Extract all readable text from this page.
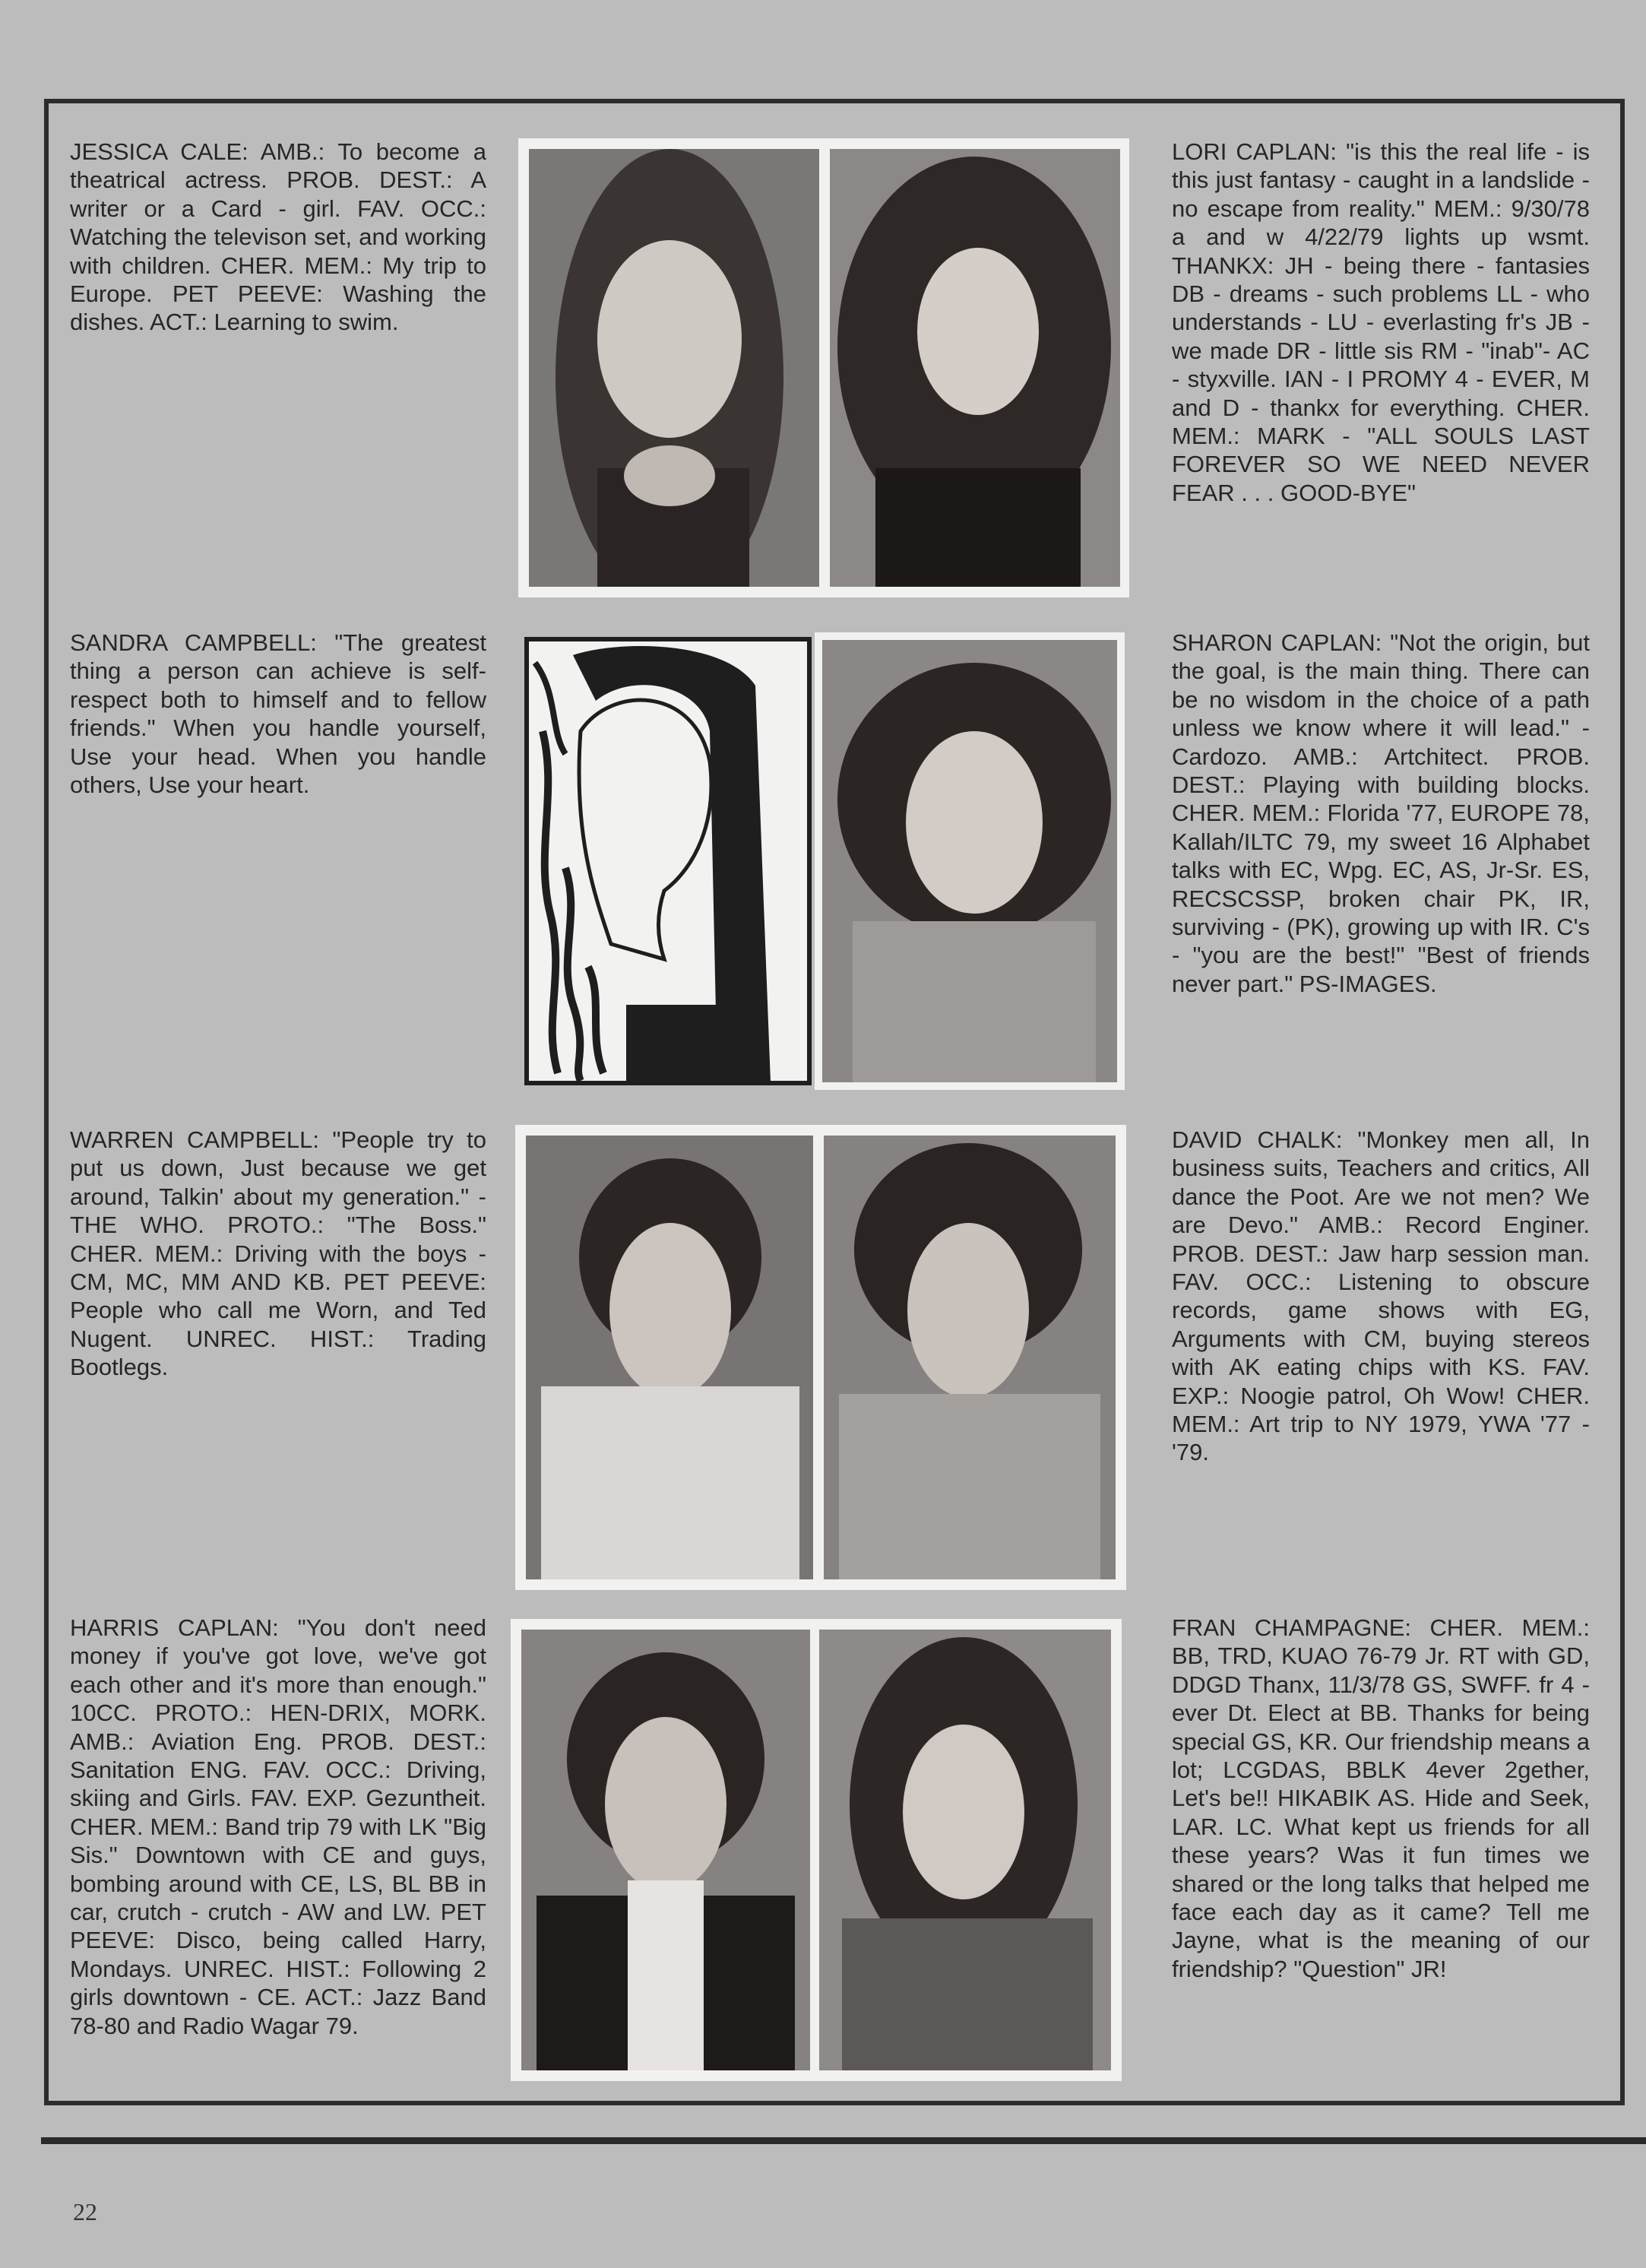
JESSICA CALE: AMB.: To become a theatrical actress. PROB. DEST.: A writer or a Card - girl. FAV. OCC.: Watching the televison set, and working with children. CHER. MEM.: My trip to Europe. PET PEEVE: Washing the dishes. ACT.: Learning to swim.

LORI CAPLAN: "is this the real life - is this just fantasy - caught in a landslide - no escape from reality." MEM.: 9/30/78 a and w 4/22/79 lights up wsmt. THANKX: JH - being there - fantasies DB - dreams - such problems LL - who understands - LU - everlasting fr's JB - we made DR - little sis RM - "inab"- AC - styxville. IAN - I PROMY 4 - EVER, M and D - thankx for everything. CHER. MEM.: MARK - "ALL SOULS LAST FOREVER SO WE NEED NEVER FEAR . . . GOOD-BYE"

SANDRA CAMPBELL: "The greatest thing a person can achieve is self-respect both to himself and to fellow friends." When you handle yourself, Use your head. When you handle others, Use your heart.

SHARON CAPLAN: "Not the origin, but the goal, is the main thing. There can be no wisdom in the choice of a path unless we know where it will lead." - Cardozo. AMB.: Artchitect. PROB. DEST.: Playing with building blocks. CHER. MEM.: Florida '77, EUROPE 78, Kallah/ILTC 79, my sweet 16 Alphabet talks with EC, Wpg. EC, AS, Jr-Sr. ES, RECSCSSP, broken chair PK, IR, surviving - (PK), growing up with IR. C's - "you are the best!" "Best of friends never part." PS-IMAGES.

WARREN CAMPBELL: "People try to put us down, Just because we get around, Talkin' about my generation." - THE WHO. PROTO.: "The Boss." CHER. MEM.: Driving with the boys - CM, MC, MM AND KB. PET PEEVE: People who call me Worn, and Ted Nugent. UNREC. HIST.: Trading Bootlegs.

DAVID CHALK: "Monkey men all, In business suits, Teachers and critics, All dance the Poot. Are we not men? We are Devo." AMB.: Record Enginer. PROB. DEST.: Jaw harp session man. FAV. OCC.: Listening to obscure records, game shows with EG, Arguments with CM, buying stereos with AK eating chips with KS. FAV. EXP.: Noogie patrol, Oh Wow! CHER. MEM.: Art trip to NY 1979, YWA '77 - '79.

HARRIS CAPLAN: "You don't need money if you've got love, we've got each other and it's more than enough." 10CC. PROTO.: HEN-DRIX, MORK. AMB.: Aviation Eng. PROB. DEST.: Sanitation ENG. FAV. OCC.: Driving, skiing and Girls. FAV. EXP. Gezuntheit. CHER. MEM.: Band trip 79 with LK "Big Sis." Downtown with CE and guys, bombing around with CE, LS, BL BB in car, crutch - crutch - AW and LW. PET PEEVE: Disco, being called Harry, Mondays. UNREC. HIST.: Following 2 girls downtown - CE. ACT.: Jazz Band 78-80 and Radio Wagar 79.

FRAN CHAMPAGNE: CHER. MEM.: BB, TRD, KUAO 76-79 Jr. RT with GD, DDGD Thanx, 11/3/78 GS, SWFF. fr 4 - ever Dt. Elect at BB. Thanks for being special GS, KR. Our friendship means a lot; LCGDAS, BBLK 4ever 2gether, Let's be!! HIKABIK AS. Hide and Seek, LAR. LC. What kept us friends for all these years? Was it fun times we shared or the long talks that helped me face each day as it came? Tell me Jayne, what is the meaning of our friendship? "Question" JR!

22
